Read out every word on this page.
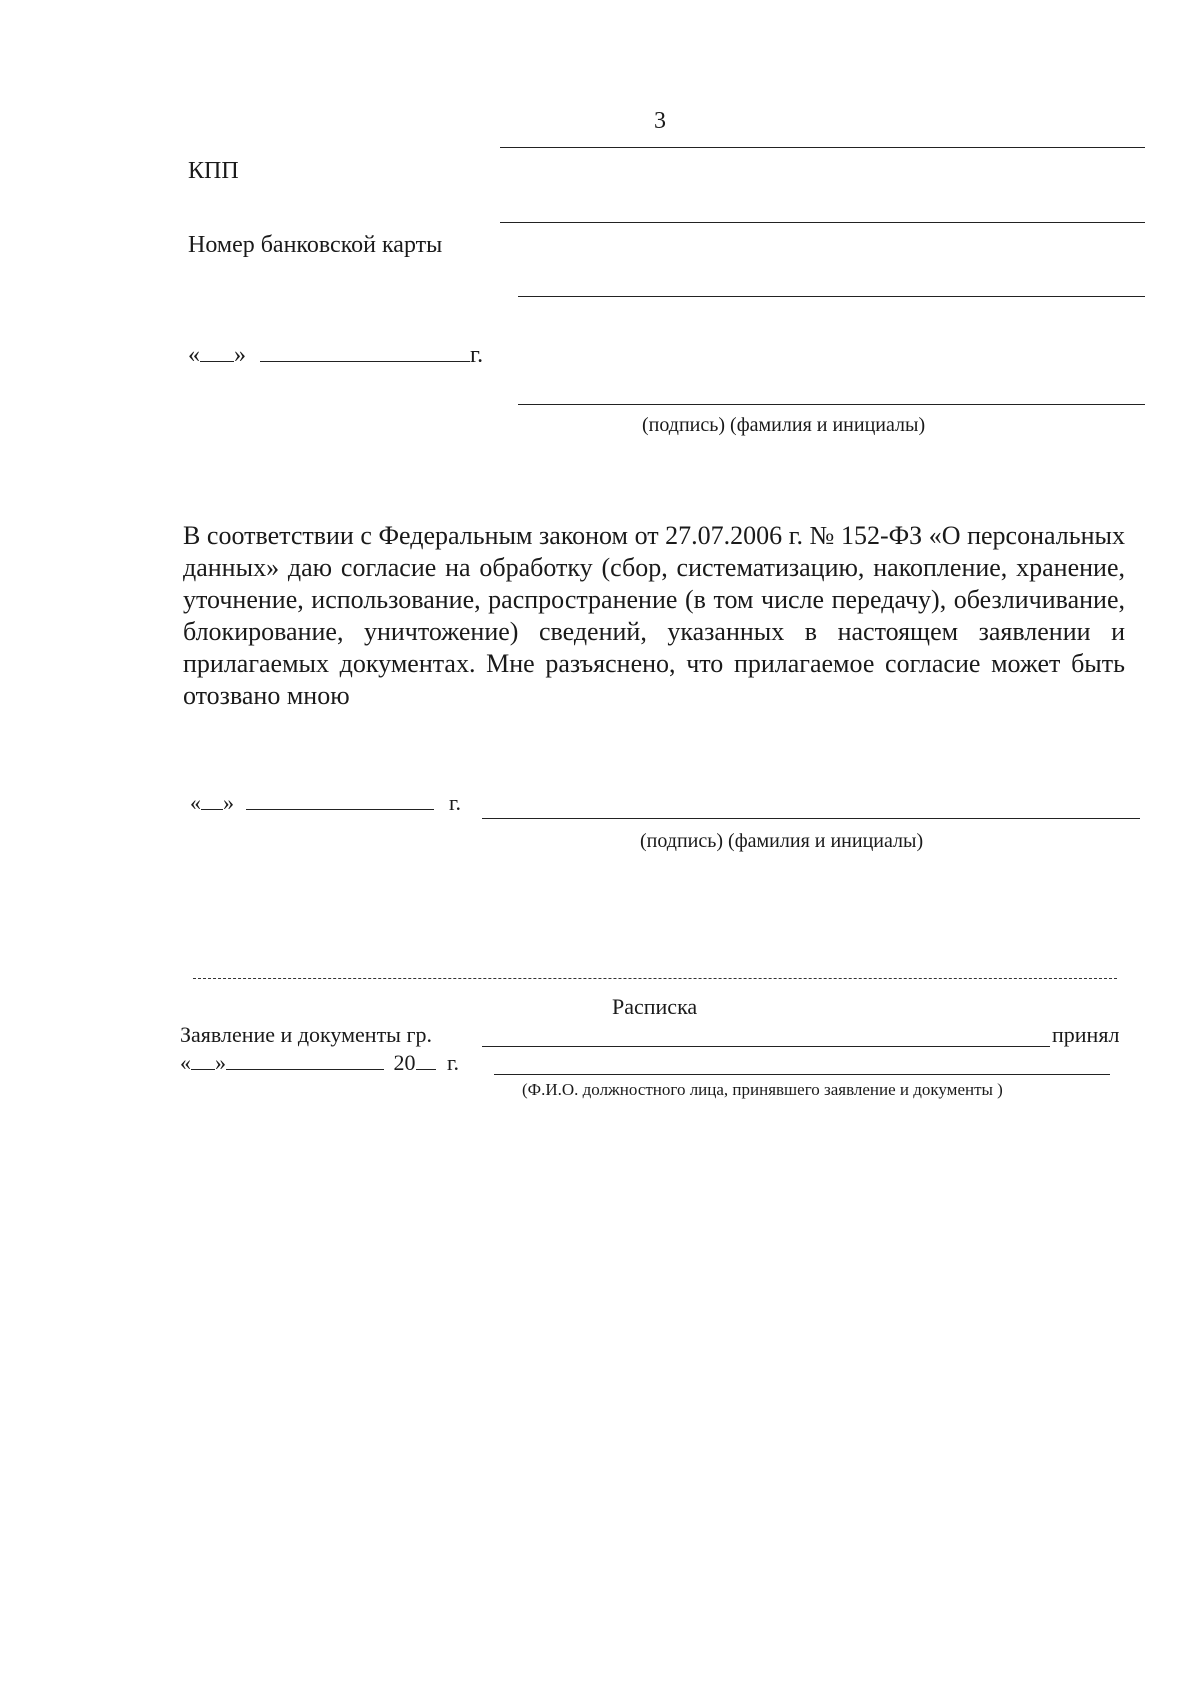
3
КПП
Номер банковской карты
« »	г.
(подпись) (фамилия и инициалы)

В соответствии с Федеральным законом от 27.07.2006 г. № 152-ФЗ «О персональных данных» даю согласие на обработку (сбор, систематизацию, накопление, хранение, уточнение, использование, распространение (в том числе передачу), обезличивание, блокирование, уничтожение) сведений, указанных в настоящем заявлении и прилагаемых документах. Мне разъяснено, что прилагаемое согласие может быть отозвано мною

« »	г.
(подпись) (фамилия и инициалы)
Расписка
Заявление и документы гр.	принял
« »	20 г.
(Ф.И.О. должностного лица, принявшего заявление и документы )
